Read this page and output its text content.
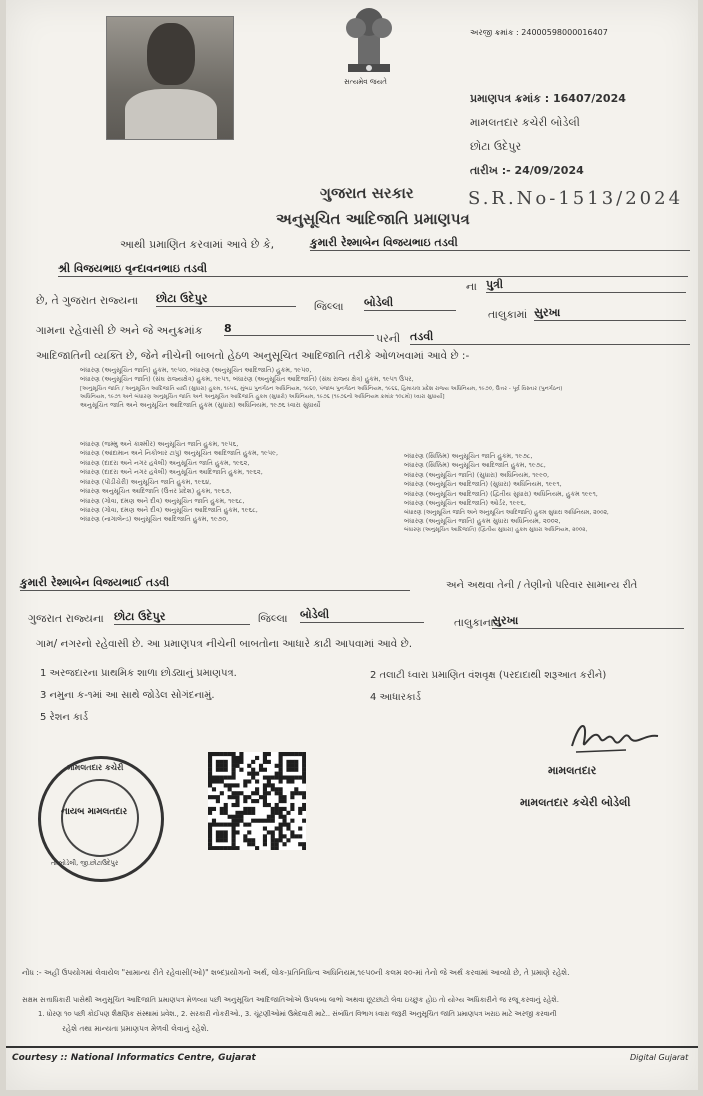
સત્યમેવ જયતે
અરજી ક્રમાંક : 24000598000016407
પ્રમાણપત્ર ક્રમાંક : 16407/2024
મામલતદાર કચેરી બોડેલી
છોટા ઉદેપુર
તારીખ :- 24/09/2024
ગુજરાત સરકાર
અનુસૂચિત આદિજાતિ પ્રમાણપત્ર
S.R.No-1513/2024
આથી પ્રમાણિત કરવામાં આવે છે કે,	કુમારી રેશ્માબેન વિજયભાઇ તડવી
શ્રી વિજયભાઇ વૃન્દાવનભાઇ તડવી
ના પુત્રી
છે, તે ગુજરાત રાજ્યના છોટા ઉદેપુર
જિલ્લા બોડેલી
તાલુકામાં સુરખા
ગામના રહેવાસી છે અને જે અનુક્રમાંક 8
પરની તડવી
આદિજાતિની વ્યક્તિ છે, જેને નીચેની બાબતો હેઠળ અનુસૂચિત આદિજાતિ તરીકે ઓળખવામાં આવે છે :-
બંધારણ (અનુસૂચિત જાતિ) હુકમ, ૧૯૫૦, બંધારણ (અનુસૂચિત આદિજાતિ) હુકમ, ૧૯૫૦,
બંધારણ (અનુસૂચિત જાતિ) (સંઘ રાજ્યક્ષેત્ર) હુકમ, ૧૯૫૧, બંધારણ (અનુસૂચિત આદિજાતિ) (સંઘ રાજ્ય ક્ષેત્ર) હુકમ, ૧૯૫૧ ઉપર,
[અનુસૂચિત જાતિ / અનુસૂચિત આદિજાતિ યાદી (સુધારા) હુકમ, ૧૯૫૬, મુંબઇ પુનર્ગઠન અધિનિયમ, ૧૯૬૦, પંજાબ પુનર્ગઠન અધિનિયમ, ૧૯૬૬, હિમાચલ પ્રદેશ રાજ્ય અધિનિયમ, ૧૯૭૦, ઉત્તર - પૂર્વ વિસ્તાર (પુનર્ગઠન)
અધિનિયમ, ૧૯૭૧ અને બંધારણ અનુસૂચિત જાતિ અને અનુસૂચિત આદિજાતિ હુકમ (સુધારો) અધિનિયમ, ૧૯૭૬ (૧૯૭૬નો અધિનિયમ ક્રમાંક ૧૦૮મો) ધ્વારા સુધાર્યા]
અનુસૂચિત જાતિ અને અનુસૂચિત આદિજાતિ હુકમ (સુધારા) અધિનિયમ, ૧૯૭૬ ધ્વારા સુધાર્યો
બંધારણ (જમ્મુ અને કાશ્મીર) અનુસૂચિત જાતિ હુકમ, ૧૯૫૬,
બંધારણ (આંદામાન અને નિકોબાર ટાપુ) અનુસૂચિત આદિજાતિ હુકમ, ૧૯૫૯,
બંધારણ (દાદરા અને નગર હવેલી) અનુસૂચિત જાતિ હુકમ, ૧૯૬૨,
બંધારણ (દાદરા અને નગર હવેલી) અનુસૂચિત આદિજાતિ હુકમ, ૧૯૬૨,
બંધારણ (પોંડીચેરી) અનુસૂચિત જાતિ હુકમ, ૧૯૬૪,
બંધારણ અનુસૂચિત આદિજાતિ (ઉત્તર પ્રદેશ) હુકમ, ૧૯૬૭,
બંધારણ (ગોવા, દમણ અને દીવ) અનુસૂચિત જાતિ હુકમ, ૧૯૬૮,
બંધારણ (ગોવા, દમણ અને દીવ) અનુસૂચિત આદિજાતિ હુકમ, ૧૯૬૮,
બંધારણ (નાગાલેન્ડ) અનુસૂચિત આદિજાતિ હુકમ, ૧૯૭૦,
બંધારણ (સિક્કિમ) અનુસૂચિત જાતિ હુકમ, ૧૯૭૮,
બંધારણ (સિક્કિમ) અનુસૂચિત આદિજાતિ હુકમ, ૧૯૭૮,
બંધારણ (અનુસૂચિત જાતિ) (સુધારા) અધિનિયમ, ૧૯૯૦,
બંધારણ (અનુસૂચિત આદિજાતિ) (સુધારા) અધિનિયમ, ૧૯૯૧,
બંધારણ (અનુસૂચિત આદિજાતિ) (દ્વિતીય સુધારા) અધિનિયમ, હુકમ ૧૯૯૧,
બંધારણ (અનુસૂચિત આદિજાતિ) ઓર્ડર, ૧૯૯૬,
બંધારણ (અનુસૂચિત જાતિ અને અનુસૂચિત આદિજાતિ) હુકમ સુધારા અધિનિયમ, ૨૦૦૨,
બંધારણ (અનુસૂચિત જાતિ) હુકમ સુધારા અધિનિયમ, ૨૦૦૨,
બંધારણ (અનુસૂચિત આદિજાતિ) (દ્વિતીય સુધારા) હુકમ સુધારા અધિનિયમ, ૨૦૦૨,
કુમારી રેશ્માબેન વિજયભાઈ તડવી	અને અથવા તેની / તેણીનો પરિવાર સામાન્ય રીતે
ગુજરાત રાજ્યના છોટા ઉદેપુર	જિલ્લા બોડેલી
તાલુકાના
સુરખા
ગામ/ નગરનો રહેવાસી છે. આ પ્રમાણપત્ર નીચેની બાબતોના આધારે કાઢી આપવામાં આવે છે.
1 અરજદારના પ્રાથમિક શાળા છોડ્યાનું પ્રમાણપત્ર.	2 તલાટી ધ્વારા પ્રમાણિત વંશવૃક્ષ (પરદાદાથી શરૂઆત કરીને)
3 નમુના ક-૧માં આ સાથે જોડેલ સોગંદનામું.	4 આધારકાર્ડ
5 રેશન કાર્ડ
મામલતદાર
મામલતદાર કચેરી બોડેલી
મામલતદાર કચેરી
નાયબ મામલતદાર
તા.બોડેલી, જી.છોટાઉદેપુર
નોંધ :- અહીં ઉપયોગમાં લેવાયેલ "સામાન્ય રીતે રહેવાસી(ઓ)" શબ્દપ્રયોગનો અર્થ, લોક-પ્રતિનિધિત્વ અધિનિયમ,૧૯૫૦ની કલમ ૨૦-માં તેનો જે અર્થ કરવામાં આવ્યો છે, તે પ્રમાણે રહેશે.
સક્ષમ સત્તાધિકારી પાસેથી અનુસૂચિત આદિજાતિ પ્રમાણપત્ર મેળવ્યા પછી અનુસૂચિત આદિજાતિઓએ ઉપલબ્ધ લાભો અથવા છૂટછાટો લેવા ઇચ્છુક હોઇ તો યોગ્ય અધિકારીને જ રજૂ કરવાનું રહેશે.
1. ધોરણ ૧૦ પછી કોઈપણ શૈક્ષણિક સંસ્થામાં પ્રવેશ., 2. સરકારી નોકરીઓ., 3. ચૂંટણીઓમાં ઉમેદવારી માટે.. સંબંધિત વિભાગ ધ્વારા જરૂરી અનુસૂચિત જાતિ પ્રમાણપત્ર ખરાઇ માટે અરજી કરવાની
રહેશે તથા માન્યતા પ્રમાણપત્ર મેળવી લેવાનું રહેશે.
Courtesy :: National Informatics Centre, Gujarat	Digital Gujarat
